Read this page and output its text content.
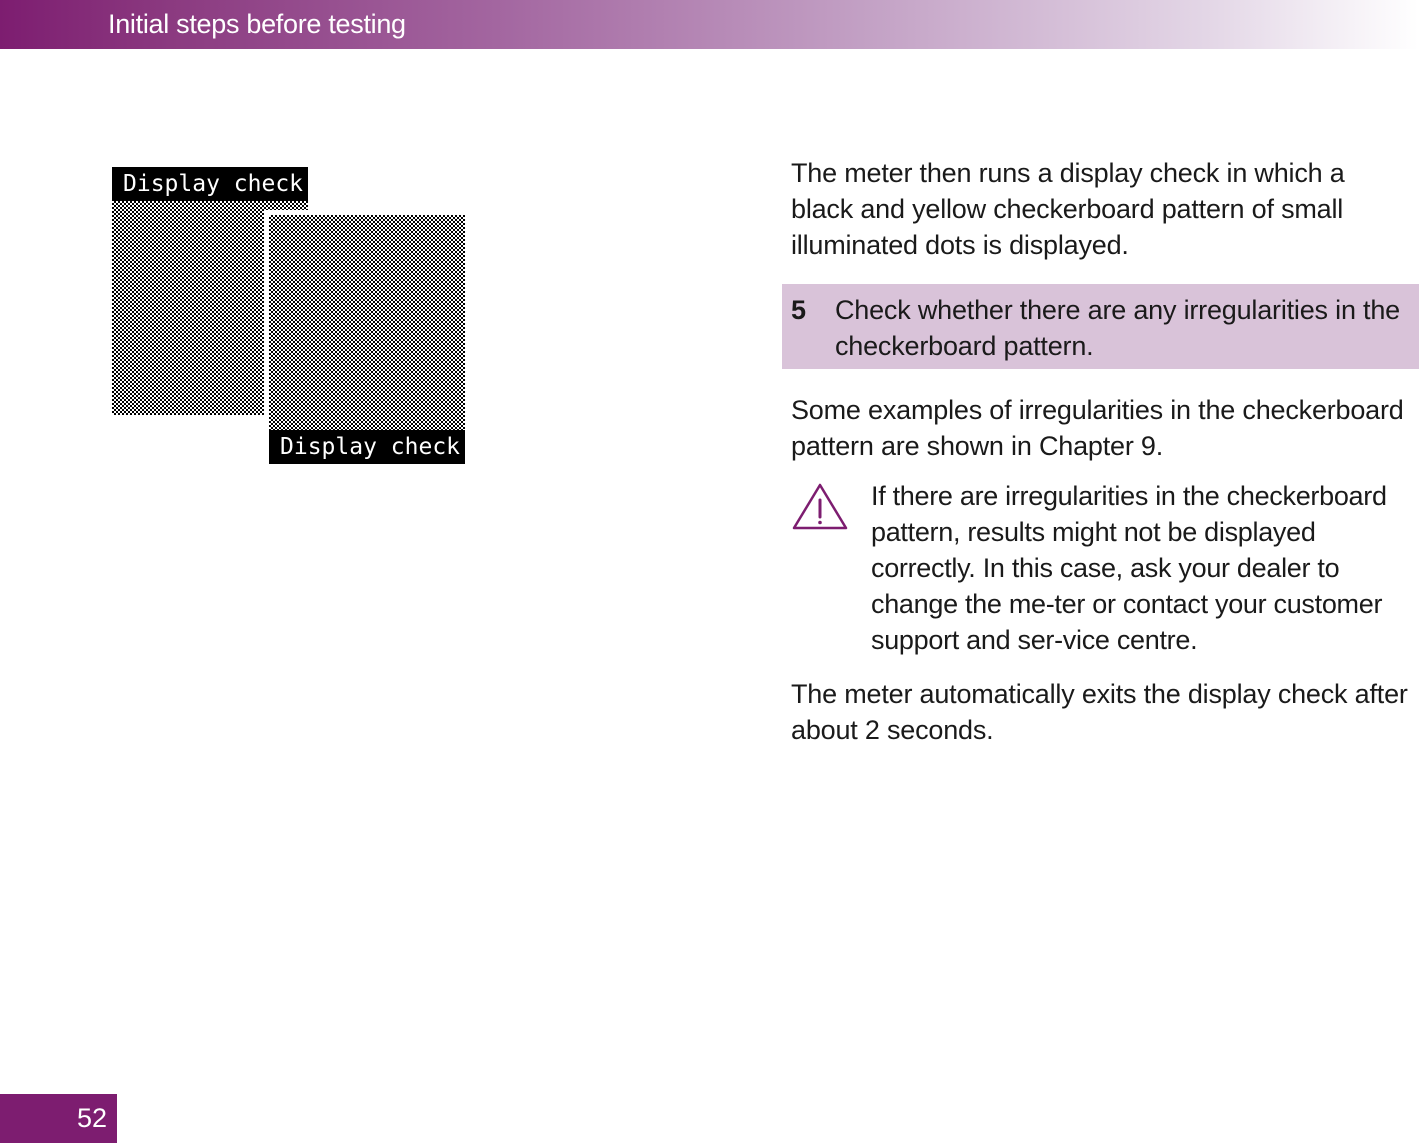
Initial steps before testing
Display check
Display check
The meter then runs a display check in which a black and yellow checkerboard pattern of small illuminated dots is displayed.
5 Check whether there are any irregularities in the checkerboard pattern.
Some examples of irregularities in the checkerboard pattern are shown in Chapter 9.
If there are irregularities in the checkerboard pattern, results might not be displayed correctly. In this case, ask your dealer to change the me-ter or contact your customer support and ser-vice centre.
The meter automatically exits the display check after about 2 seconds.
52
